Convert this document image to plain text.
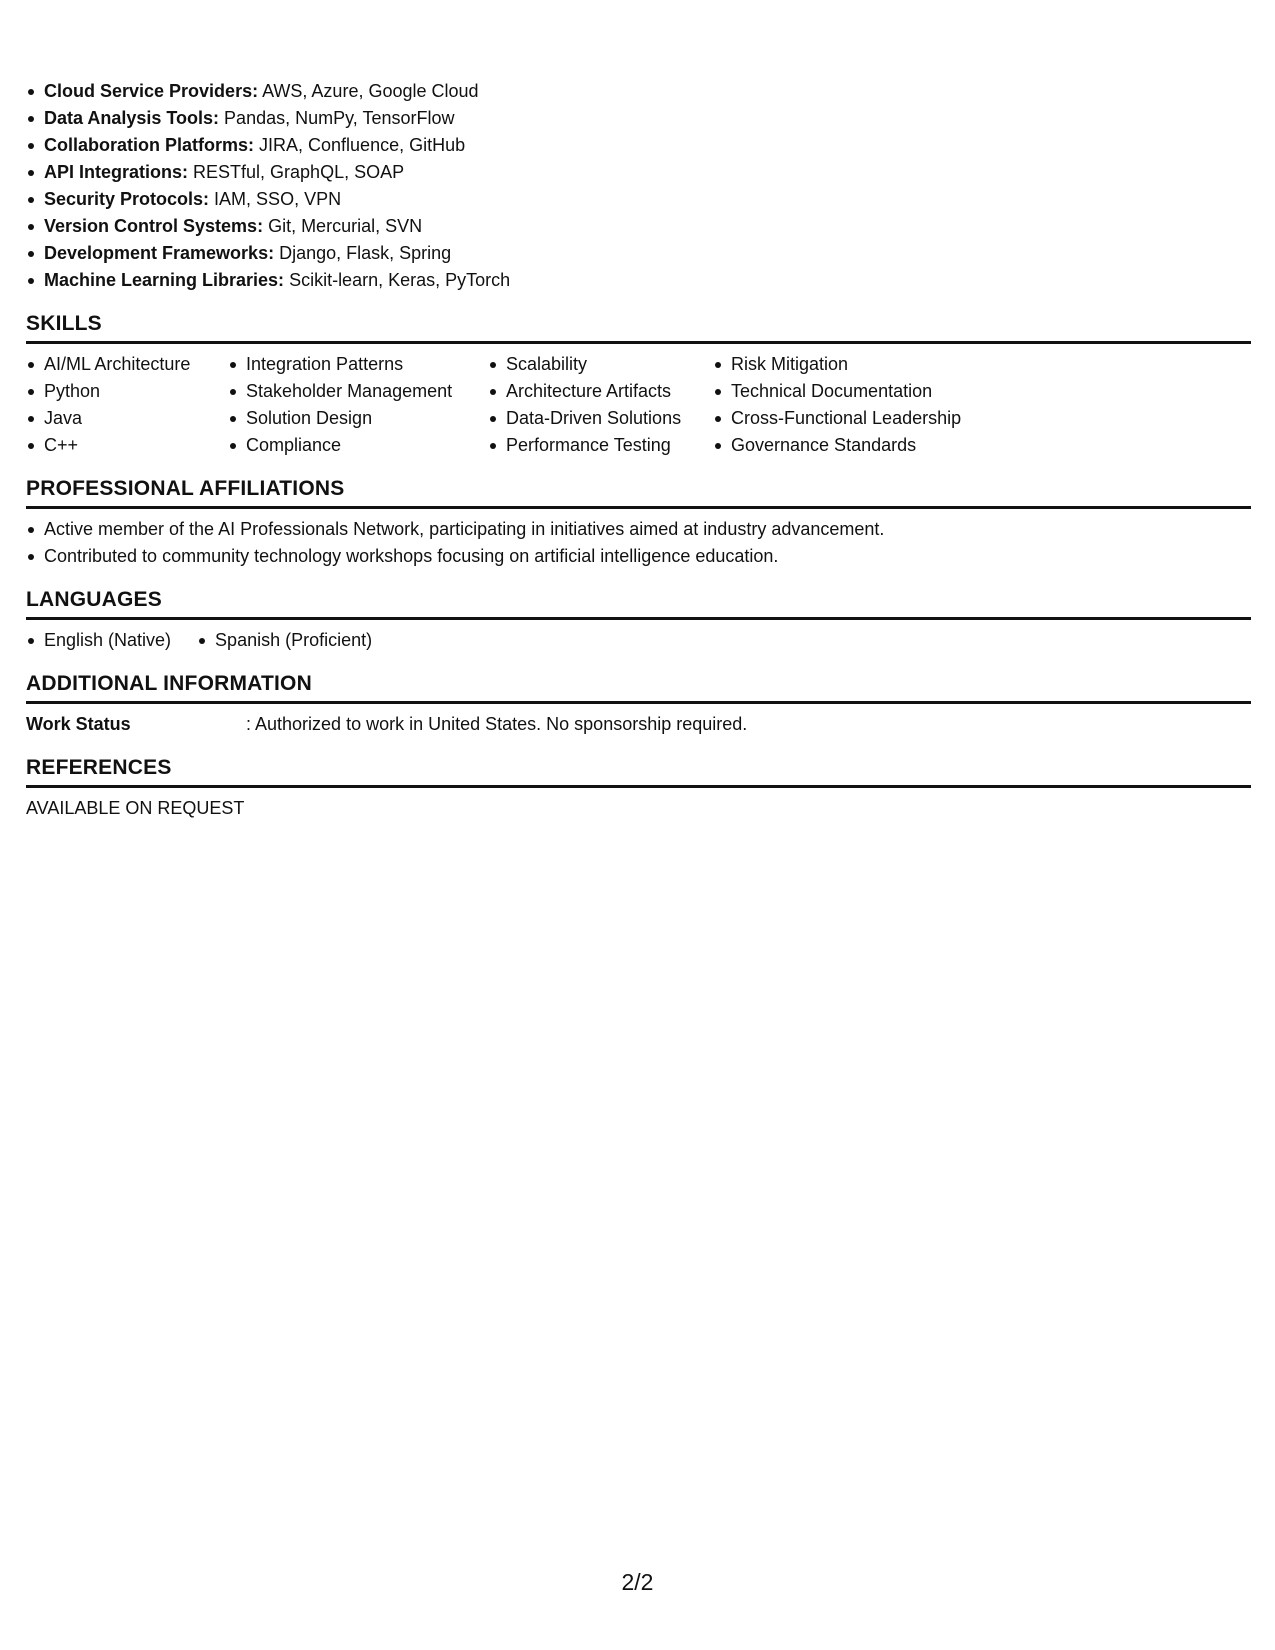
Cloud Service Providers: AWS, Azure, Google Cloud
Data Analysis Tools: Pandas, NumPy, TensorFlow
Collaboration Platforms: JIRA, Confluence, GitHub
API Integrations: RESTful, GraphQL, SOAP
Security Protocols: IAM, SSO, VPN
Version Control Systems: Git, Mercurial, SVN
Development Frameworks: Django, Flask, Spring
Machine Learning Libraries: Scikit-learn, Keras, PyTorch
SKILLS
AI/ML Architecture
Python
Java
C++
Integration Patterns
Stakeholder Management
Solution Design
Compliance
Scalability
Architecture Artifacts
Data-Driven Solutions
Performance Testing
Risk Mitigation
Technical Documentation
Cross-Functional Leadership
Governance Standards
PROFESSIONAL AFFILIATIONS
Active member of the AI Professionals Network, participating in initiatives aimed at industry advancement.
Contributed to community technology workshops focusing on artificial intelligence education.
LANGUAGES
English (Native)	Spanish (Proficient)
ADDITIONAL INFORMATION
Work Status	: Authorized to work in United States. No sponsorship required.
REFERENCES
AVAILABLE ON REQUEST
2/2
